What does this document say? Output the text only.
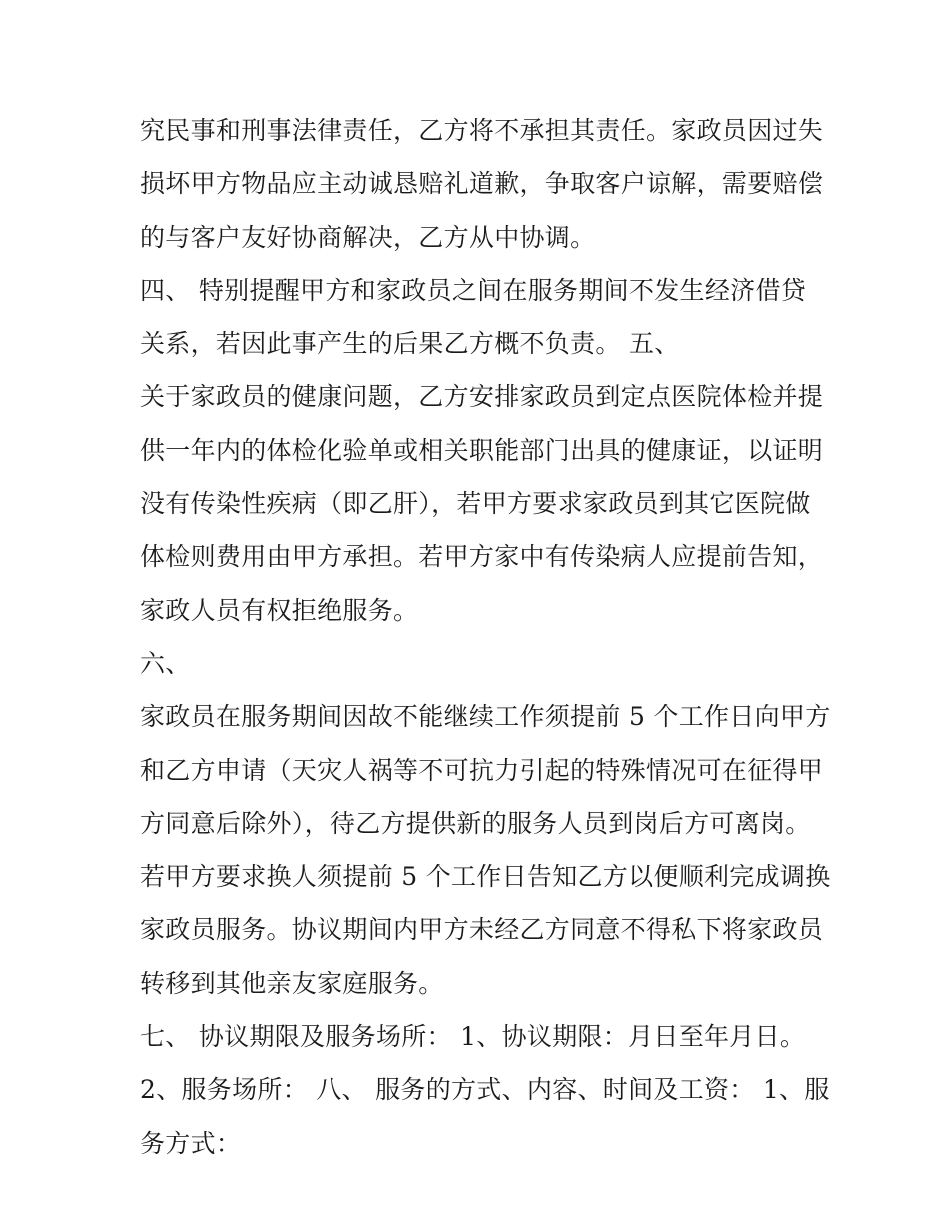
究民事和刑事法律责任，乙方将不承担其责任。家政员因过失
损坏甲方物品应主动诚恳赔礼道歉，争取客户谅解，需要赔偿
的与客户友好协商解决，乙方从中协调。
四、 特别提醒甲方和家政员之间在服务期间不发生经济借贷
关系，若因此事产生的后果乙方概不负责。 五、
关于家政员的健康问题，乙方安排家政员到定点医院体检并提
供一年内的体检化验单或相关职能部门出具的健康证，以证明
没有传染性疾病（即乙肝），若甲方要求家政员到其它医院做
体检则费用由甲方承担。若甲方家中有传染病人应提前告知，
家政人员有权拒绝服务。
六、
家政员在服务期间因故不能继续工作须提前 5 个工作日向甲方
和乙方申请（天灾人祸等不可抗力引起的特殊情况可在征得甲
方同意后除外），待乙方提供新的服务人员到岗后方可离岗。
若甲方要求换人须提前 5 个工作日告知乙方以便顺利完成调换
家政员服务。协议期间内甲方未经乙方同意不得私下将家政员
转移到其他亲友家庭服务。
七、 协议期限及服务场所： 1、协议期限：月日至年月日。
2、服务场所： 八、 服务的方式、内容、时间及工资： 1、服
务方式：
